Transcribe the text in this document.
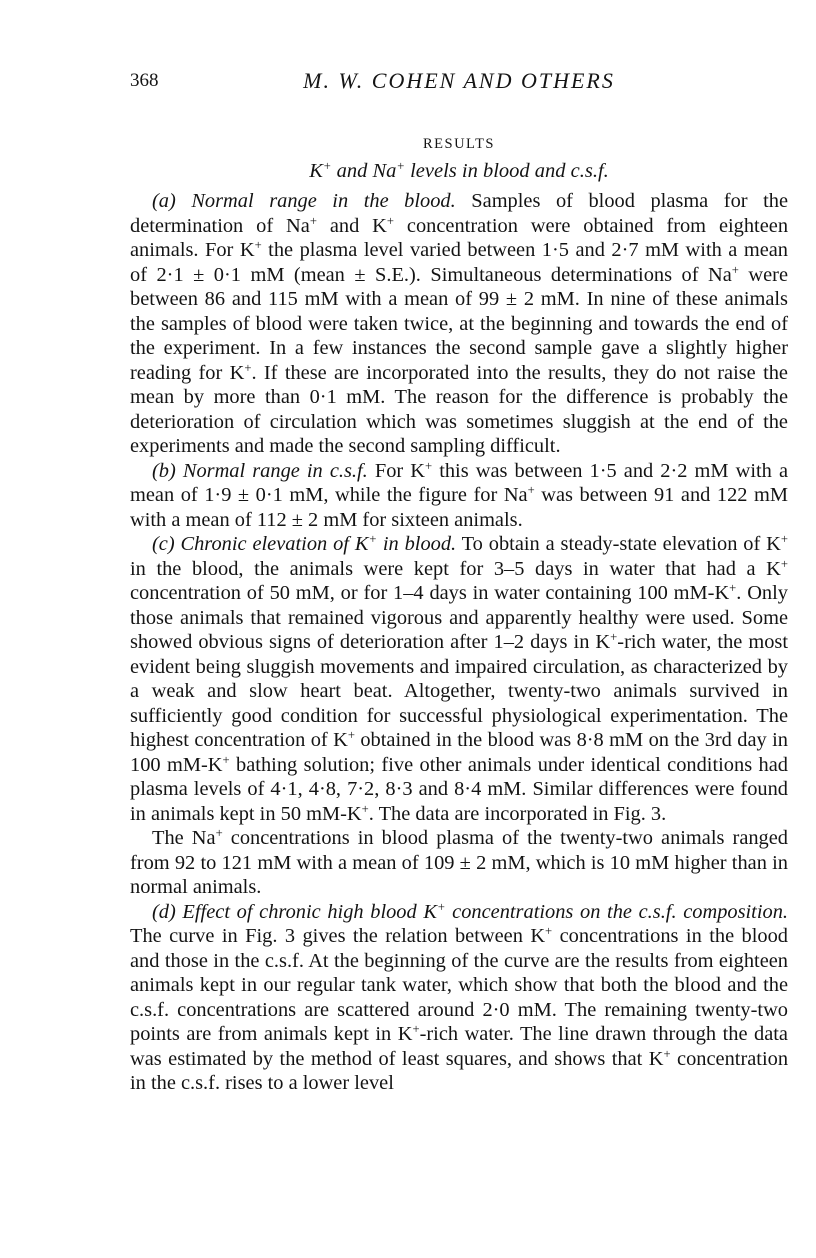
368	M. W. COHEN AND OTHERS
RESULTS
K+ and Na+ levels in blood and c.s.f.

(a) Normal range in the blood. Samples of blood plasma for the determination of Na+ and K+ concentration were obtained from eighteen animals. For K+ the plasma level varied between 1·5 and 2·7 mM with a mean of 2·1 ± 0·1 mM (mean ± S.E.). Simultaneous determinations of Na+ were between 86 and 115 mM with a mean of 99 ± 2 mM. In nine of these animals the samples of blood were taken twice, at the beginning and towards the end of the experiment. In a few instances the second sample gave a slightly higher reading for K+. If these are incorporated into the results, they do not raise the mean by more than 0·1 mM. The reason for the difference is probably the deterioration of circulation which was sometimes sluggish at the end of the experiments and made the second sampling difficult.

(b) Normal range in c.s.f. For K+ this was between 1·5 and 2·2 mM with a mean of 1·9 ± 0·1 mM, while the figure for Na+ was between 91 and 122 mM with a mean of 112 ± 2 mM for sixteen animals.

(c) Chronic elevation of K+ in blood. To obtain a steady-state elevation of K+ in the blood, the animals were kept for 3–5 days in water that had a K+ concentration of 50 mM, or for 1–4 days in water containing 100 mM-K+. Only those animals that remained vigorous and apparently healthy were used. Some showed obvious signs of deterioration after 1–2 days in K+-rich water, the most evident being sluggish movements and impaired circulation, as characterized by a weak and slow heart beat. Altogether, twenty-two animals survived in sufficiently good condition for successful physiological experimentation. The highest concentration of K+ obtained in the blood was 8·8 mM on the 3rd day in 100 mM-K+ bathing solution; five other animals under identical conditions had plasma levels of 4·1, 4·8, 7·2, 8·3 and 8·4 mM. Similar differences were found in animals kept in 50 mM-K+. The data are incorporated in Fig. 3.

The Na+ concentrations in blood plasma of the twenty-two animals ranged from 92 to 121 mM with a mean of 109 ± 2 mM, which is 10 mM higher than in normal animals.

(d) Effect of chronic high blood K+ concentrations on the c.s.f. composition. The curve in Fig. 3 gives the relation between K+ concentrations in the blood and those in the c.s.f. At the beginning of the curve are the results from eighteen animals kept in our regular tank water, which show that both the blood and the c.s.f. concentrations are scattered around 2·0 mM. The remaining twenty-two points are from animals kept in K+-rich water. The line drawn through the data was estimated by the method of least squares, and shows that K+ concentration in the c.s.f. rises to a lower level
